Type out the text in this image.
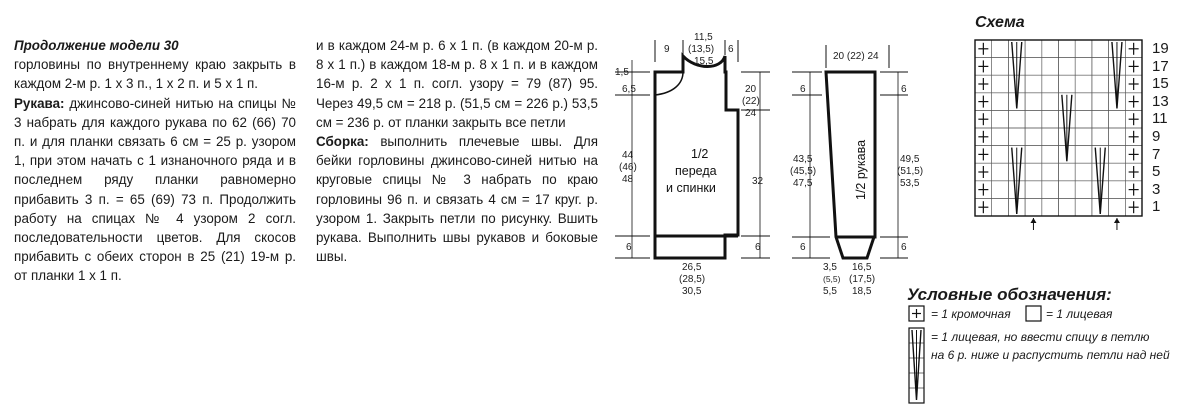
Продолжение модели 30

горловины по внутреннему краю закрыть в каждом 2-м р. 1 х 3 п., 1 х 2 п. и 5 х 1 п.

Рукава: джинсово-синей нитью на спицы № 3 набрать для каждого рукава по 62 (66) 70 п. и для планки связать 6 см = 25 р. узором 1, при этом начать с 1 изнаночного ряда и в последнем ряду планки равномерно прибавить 3 п. = 65 (69) 73 п. Продолжить работу на спицах № 4 узором 2 согл. последовательности цветов. Для скосов прибавить с обеих сторон в 25 (21) 19-м р. от планки 1 х 1 п.

и в каждом 24-м р. 6 х 1 п. (в каждом 20-м р. 8 х 1 п.) в каждом 18-м р. 8 х 1 п. и в каждом 16-м р. 2 х 1 п. согл. узору = 79 (87) 95. Через 49,5 см = 218 р. (51,5 см = 226 р.) 53,5 см = 236 р. от планки закрыть все петли

Сборка: выполнить плечевые швы. Для бейки горловины джинсово-синей нитью на круговые спицы № 3 набрать по краю горловины 96 п. и связать 4 см = 17 круг. р. узором 1. Закрыть петли по рисунку. Вшить рукава. Выполнить швы рукавов и боковые швы.

9
11,5
(13,5)
15,5
6
1,5
6,5
44
(46)
48
6
20
(22)
24
32
6
26,5
(28,5)
30,5
1/2
переда
и спинки
20 (22) 24
6
43,5
(45,5)
47,5
6
6
49,5
(51,5)
53,5
6
3,5
(5,5)
5,5
16,5
(17,5)
18,5
1/2 рукава
Схема
19
17
15
13
11
9
7
5
3
1
Условные обозначения:
= 1 кромочная	= 1 лицевая
= 1 лицевая, но ввести спицу в петлю
на 6 р. ниже и распустить петли над ней
